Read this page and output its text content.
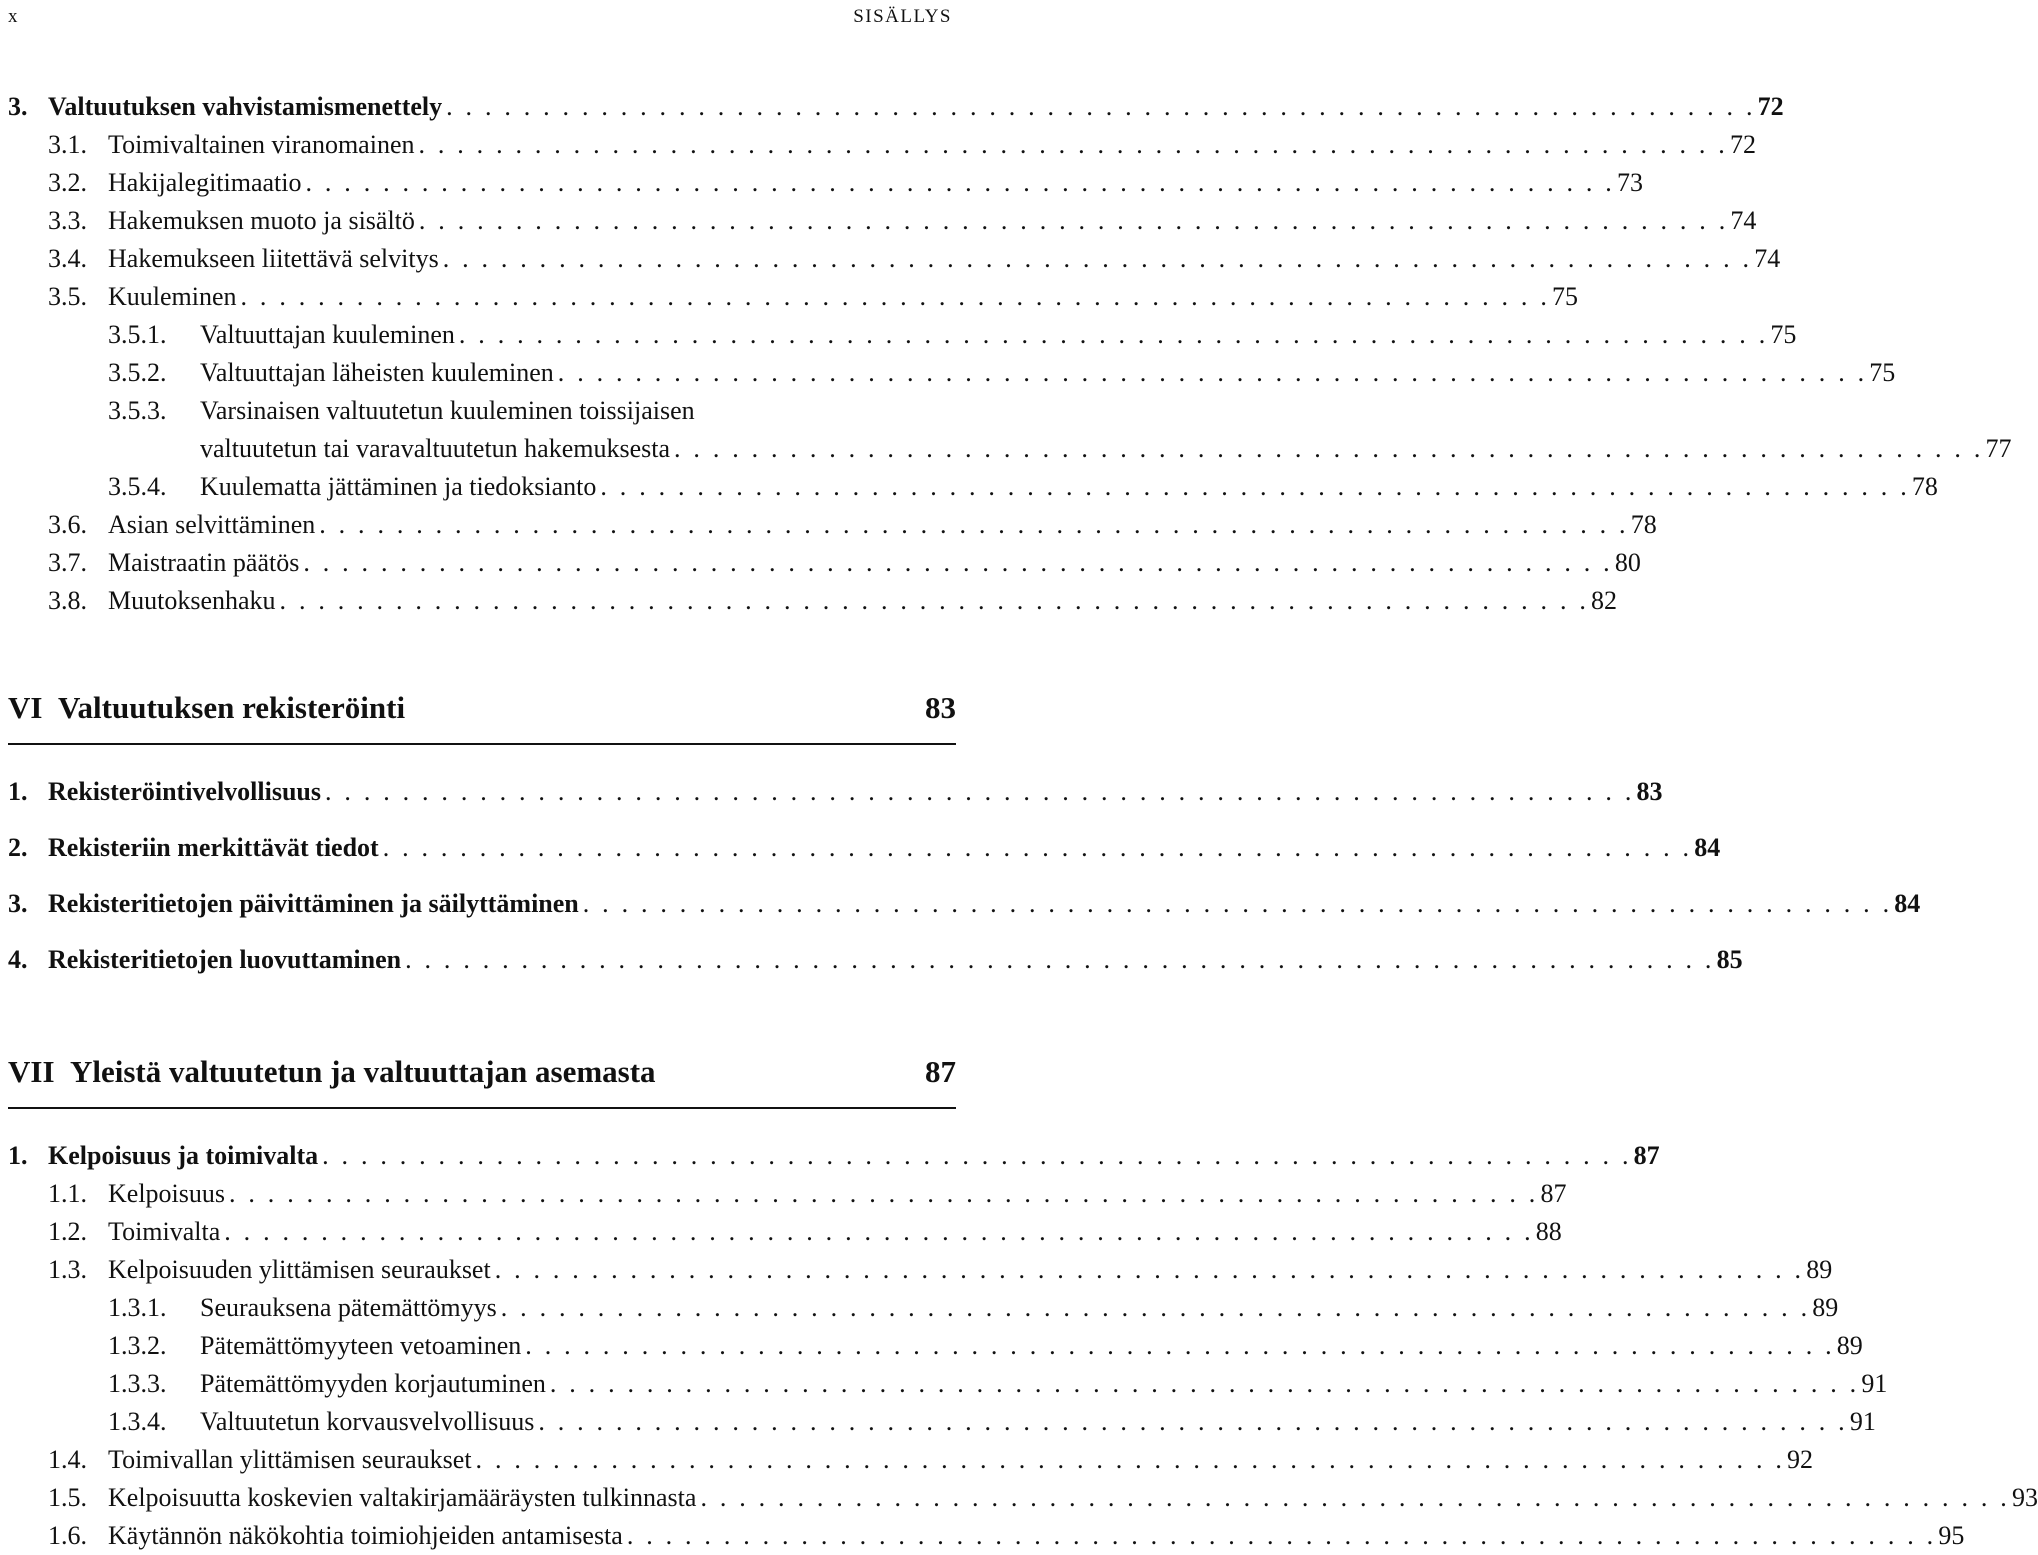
x	SISÄLLYS
3. Valtuutuksen vahvistamismenettely . . . . . . . . . . . . . . . . . . . . . . . . . . . . . . . . . . . . . . . . . . . . . . . . . . . . . . . . . . . . . . . . . . . . 72
3.1. Toimivaltainen viranomainen . . . . . . . . . . . . . . . . . . . . . . . . . . . . . . . . . . . . . . . . . . . . . . . . . . . . . . . . . . . . . . . . . . . . 72
3.2. Hakijalegitimaatio . . . . . . . . . . . . . . . . . . . . . . . . . . . . . . . . . . . . . . . . . . . . . . . . . . . . . . . . . . . . . . . . . . . . 73
3.3. Hakemuksen muoto ja sisältö . . . . . . . . . . . . . . . . . . . . . . . . . . . . . . . . . . . . . . . . . . . . . . . . . . . . . . . . . . . . . . . . . . . . 74
3.4. Hakemukseen liitettävä selvitys . . . . . . . . . . . . . . . . . . . . . . . . . . . . . . . . . . . . . . . . . . . . . . . . . . . . . . . . . . . . . . . . . . . . 74
3.5. Kuuleminen . . . . . . . . . . . . . . . . . . . . . . . . . . . . . . . . . . . . . . . . . . . . . . . . . . . . . . . . . . . . . . . . . . . . 75
3.5.1.	Valtuuttajan kuuleminen . . . . . . . . . . . . . . . . . . . . . . . . . . . . . . . . . . . . . . . . . . . . . . . . . . . . . . . . . . . . . . . . . . . . 75
3.5.2.	Valtuuttajan läheisten kuuleminen . . . . . . . . . . . . . . . . . . . . . . . . . . . . . . . . . . . . . . . . . . . . . . . . . . . . . . . . . . . . . . . . . . . . 75
3.5.3.	Varsinaisen valtuutetun kuuleminen toissijaisen
valtuutetun tai varavaltuutetun hakemuksesta . . . . . . . . . . . . . . . . . . . . . . . . . . . . . . . . . . . . . . . . . . . . . . . . . . . . . . . . . . . . . . . . . . . . 77
3.5.4.	Kuulematta jättäminen ja tiedoksianto . . . . . . . . . . . . . . . . . . . . . . . . . . . . . . . . . . . . . . . . . . . . . . . . . . . . . . . . . . . . . . . . . . . . 78
3.6. Asian selvittäminen . . . . . . . . . . . . . . . . . . . . . . . . . . . . . . . . . . . . . . . . . . . . . . . . . . . . . . . . . . . . . . . . . . . . 78
3.7. Maistraatin päätös . . . . . . . . . . . . . . . . . . . . . . . . . . . . . . . . . . . . . . . . . . . . . . . . . . . . . . . . . . . . . . . . . . . . 80
3.8. Muutoksenhaku . . . . . . . . . . . . . . . . . . . . . . . . . . . . . . . . . . . . . . . . . . . . . . . . . . . . . . . . . . . . . . . . . . . . 82
VI Valtuutuksen rekisteröinti	83
1. Rekisteröintivelvollisuus . . . . . . . . . . . . . . . . . . . . . . . . . . . . . . . . . . . . . . . . . . . . . . . . . . . . . . . . . . . . . . . . . . . . 83
2. Rekisteriin merkittävät tiedot . . . . . . . . . . . . . . . . . . . . . . . . . . . . . . . . . . . . . . . . . . . . . . . . . . . . . . . . . . . . . . . . . . . . 84
3. Rekisteritietojen päivittäminen ja säilyttäminen . . . . . . . . . . . . . . . . . . . . . . . . . . . . . . . . . . . . . . . . . . . . . . . . . . . . . . . . . . . . . . . . . . . . 84
4. Rekisteritietojen luovuttaminen . . . . . . . . . . . . . . . . . . . . . . . . . . . . . . . . . . . . . . . . . . . . . . . . . . . . . . . . . . . . . . . . . . . . 85
VII Yleistä valtuutetun ja valtuuttajan asemasta	87
1. Kelpoisuus ja toimivalta . . . . . . . . . . . . . . . . . . . . . . . . . . . . . . . . . . . . . . . . . . . . . . . . . . . . . . . . . . . . . . . . . . . . 87
1.1. Kelpoisuus . . . . . . . . . . . . . . . . . . . . . . . . . . . . . . . . . . . . . . . . . . . . . . . . . . . . . . . . . . . . . . . . . . . . 87
1.2. Toimivalta . . . . . . . . . . . . . . . . . . . . . . . . . . . . . . . . . . . . . . . . . . . . . . . . . . . . . . . . . . . . . . . . . . . . 88
1.3. Kelpoisuuden ylittämisen seuraukset . . . . . . . . . . . . . . . . . . . . . . . . . . . . . . . . . . . . . . . . . . . . . . . . . . . . . . . . . . . . . . . . . . . . 89
1.3.1.	Seurauksena pätemättömyys . . . . . . . . . . . . . . . . . . . . . . . . . . . . . . . . . . . . . . . . . . . . . . . . . . . . . . . . . . . . . . . . . . . . 89
1.3.2.	Pätemättömyyteen vetoaminen . . . . . . . . . . . . . . . . . . . . . . . . . . . . . . . . . . . . . . . . . . . . . . . . . . . . . . . . . . . . . . . . . . . . 89
1.3.3.	Pätemättömyyden korjautuminen . . . . . . . . . . . . . . . . . . . . . . . . . . . . . . . . . . . . . . . . . . . . . . . . . . . . . . . . . . . . . . . . . . . . 91
1.3.4.	Valtuutetun korvausvelvollisuus . . . . . . . . . . . . . . . . . . . . . . . . . . . . . . . . . . . . . . . . . . . . . . . . . . . . . . . . . . . . . . . . . . . . 91
1.4. Toimivallan ylittämisen seuraukset . . . . . . . . . . . . . . . . . . . . . . . . . . . . . . . . . . . . . . . . . . . . . . . . . . . . . . . . . . . . . . . . . . . . 92
1.5. Kelpoisuutta koskevien valtakirjamääräysten tulkinnasta . . . . . . . . . . . . . . . . . . . . . . . . . . . . . . . . . . . . . . . . . . . . . . . . . . . . . . . . . . . . . . . . . . . . 93
1.6. Käytännön näkökohtia toimiohjeiden antamisesta . . . . . . . . . . . . . . . . . . . . . . . . . . . . . . . . . . . . . . . . . . . . . . . . . . . . . . . . . . . . . . . . . . . . 95
